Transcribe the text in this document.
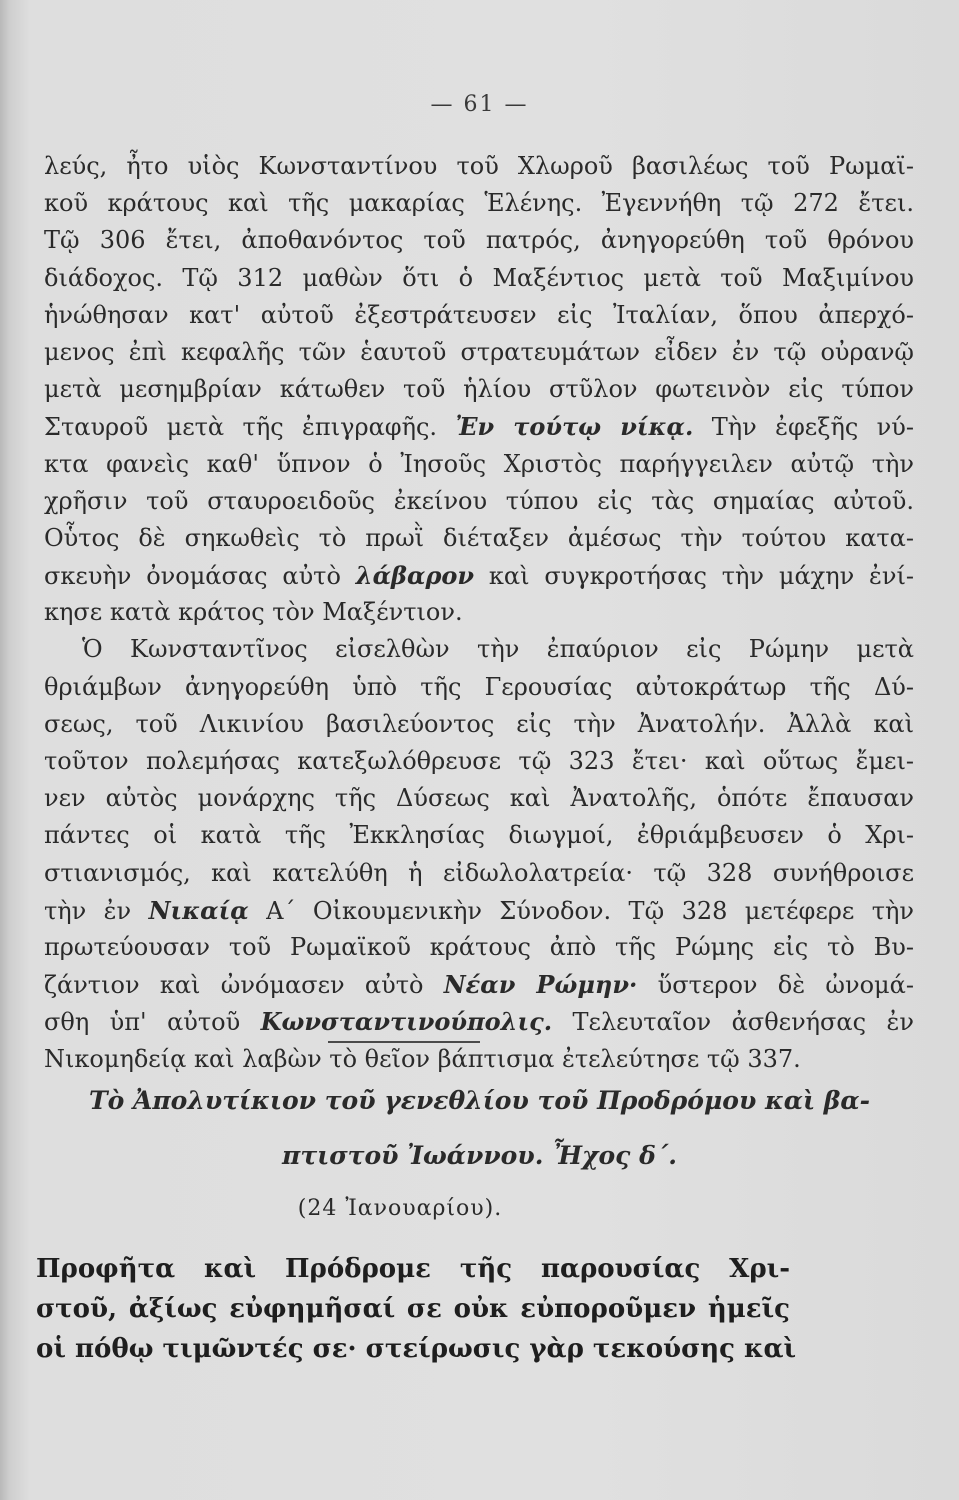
— 61 —
λεύς, ἦτο υἱὸς Κωνσταντίνου τοῦ Χλωροῦ βασιλέως τοῦ Ρωμαϊ-
κοῦ κράτους καὶ τῆς μακαρίας Ἑλένης. Ἐγεννήθη τῷ 272 ἔτει.
Τῷ 306 ἔτει, ἀποθανόντος τοῦ πατρός, ἀνηγορεύθη τοῦ θρόνου
διάδοχος. Τῷ 312 μαθὼν ὅτι ὁ Μαξέντιος μετὰ τοῦ Μαξιμίνου
ἡνώθησαν κατ' αὐτοῦ ἐξεστράτευσεν εἰς Ἰταλίαν, ὅπου ἀπερχό-
μενος ἐπὶ κεφαλῆς τῶν ἑαυτοῦ στρατευμάτων εἶδεν ἐν τῷ οὐρανῷ
μετὰ μεσημβρίαν κάτωθεν τοῦ ἡλίου στῦλον φωτεινὸν εἰς τύπον
Σταυροῦ μετὰ τῆς ἐπιγραφῆς. Ἐν τούτῳ νίκᾳ. Τὴν ἐφεξῆς νύ-
κτα φανεὶς καθ' ὕπνον ὁ Ἰησοῦς Χριστὸς παρήγγειλεν αὐτῷ τὴν
χρῆσιν τοῦ σταυροειδοῦς ἐκείνου τύπου εἰς τὰς σημαίας αὐτοῦ.
Οὗτος δὲ σηκωθεὶς τὸ πρωῒ διέταξεν ἀμέσως τὴν τούτου κατα-
σκευὴν ὀνομάσας αὐτὸ λάβαρον καὶ συγκροτήσας τὴν μάχην ἐνί-
κησε κατὰ κράτος τὸν Μαξέντιον.
Ὁ Κωνσταντῖνος εἰσελθὼν τὴν ἐπαύριον εἰς Ρώμην μετὰ
θριάμβων ἀνηγορεύθη ὑπὸ τῆς Γερουσίας αὐτοκράτωρ τῆς Δύ-
σεως, τοῦ Λικινίου βασιλεύοντος εἰς τὴν Ἀνατολήν. Ἀλλὰ καὶ
τοῦτον πολεμήσας κατεξωλόθρευσε τῷ 323 ἔτει· καὶ οὕτως ἔμει-
νεν αὐτὸς μονάρχης τῆς Δύσεως καὶ Ἀνατολῆς, ὁπότε ἔπαυσαν
πάντες οἱ κατὰ τῆς Ἐκκλησίας διωγμοί, ἐθριάμβευσεν ὁ Χρι-
στιανισμός, καὶ κατελύθη ἡ εἰδωλολατρεία· τῷ 328 συνήθροισε
τὴν ἐν Νικαίᾳ Α΄ Οἰκουμενικὴν Σύνοδον. Τῷ 328 μετέφερε τὴν
πρωτεύουσαν τοῦ Ρωμαϊκοῦ κράτους ἀπὸ τῆς Ρώμης εἰς τὸ Βυ-
ζάντιον καὶ ὠνόμασεν αὐτὸ Νέαν Ρώμην· ὕστερον δὲ ὠνομά-
σθη ὑπ' αὐτοῦ Κωνσταντινούπολις. Τελευταῖον ἀσθενήσας ἐν
Νικομηδείᾳ καὶ λαβὼν τὸ θεῖον βάπτισμα ἐτελεύτησε τῷ 337.
Τὸ Ἀπολυτίκιον τοῦ γενεθλίου τοῦ Προδρόμου καὶ βα-
πτιστοῦ Ἰωάννου. Ἦχος δ΄.
(24 Ἰανουαρίου).
Προφῆτα καὶ Πρόδρομε τῆς παρουσίας Χρι-
στοῦ, ἀξίως εὐφημῆσαί σε οὐκ εὐποροῦμεν ἡμεῖς
οἱ πόθῳ τιμῶντές σε· στείρωσις γὰρ τεκούσης καὶ
